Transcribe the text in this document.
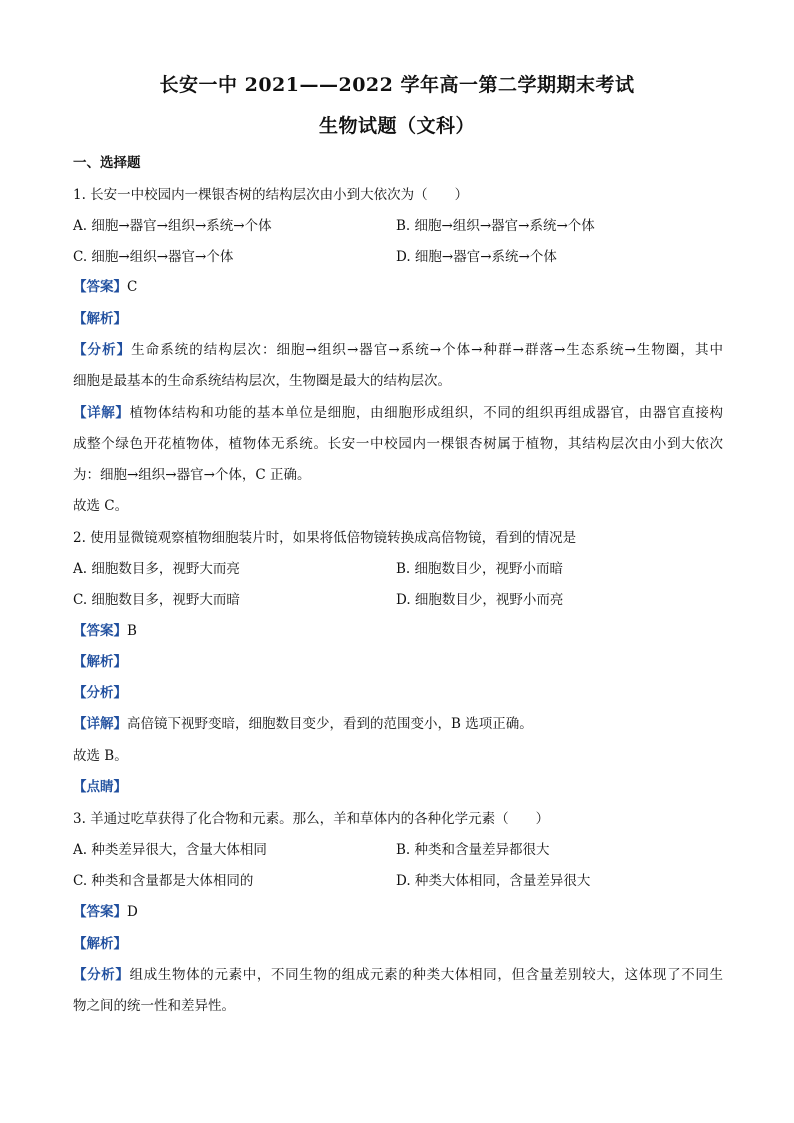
长安一中 2021——2022 学年高一第二学期期末考试
生物试题（文科）
一、选择题
1. 长安一中校园内一棵银杏树的结构层次由小到大依次为（　　）
A. 细胞→器官→组织→系统→个体	B. 细胞→组织→器官→系统→个体
C. 细胞→组织→器官→个体	D. 细胞→器官→系统→个体
【答案】C
【解析】
【分析】生命系统的结构层次：细胞→组织→器官→系统→个体→种群→群落→生态系统→生物圈，其中
细胞是最基本的生命系统结构层次，生物圈是最大的结构层次。
【详解】植物体结构和功能的基本单位是细胞，由细胞形成组织，不同的组织再组成器官，由器官直接构
成整个绿色开花植物体，植物体无系统。长安一中校园内一棵银杏树属于植物，其结构层次由小到大依次
为：细胞→组织→器官→个体，C 正确。
故选 C。
2. 使用显微镜观察植物细胞装片时，如果将低倍物镜转换成高倍物镜，看到的情况是
A. 细胞数目多，视野大而亮	B. 细胞数目少，视野小而暗
C. 细胞数目多，视野大而暗	D. 细胞数目少，视野小而亮
【答案】B
【解析】
【分析】
【详解】高倍镜下视野变暗，细胞数目变少，看到的范围变小，B 选项正确。
故选 B。
【点睛】
3. 羊通过吃草获得了化合物和元素。那么，羊和草体内的各种化学元素（　　）
A. 种类差异很大，含量大体相同	B. 种类和含量差异都很大
C. 种类和含量都是大体相同的	D. 种类大体相同，含量差异很大
【答案】D
【解析】
【分析】组成生物体的元素中，不同生物的组成元素的种类大体相同，但含量差别较大，这体现了不同生
物之间的统一性和差异性。
